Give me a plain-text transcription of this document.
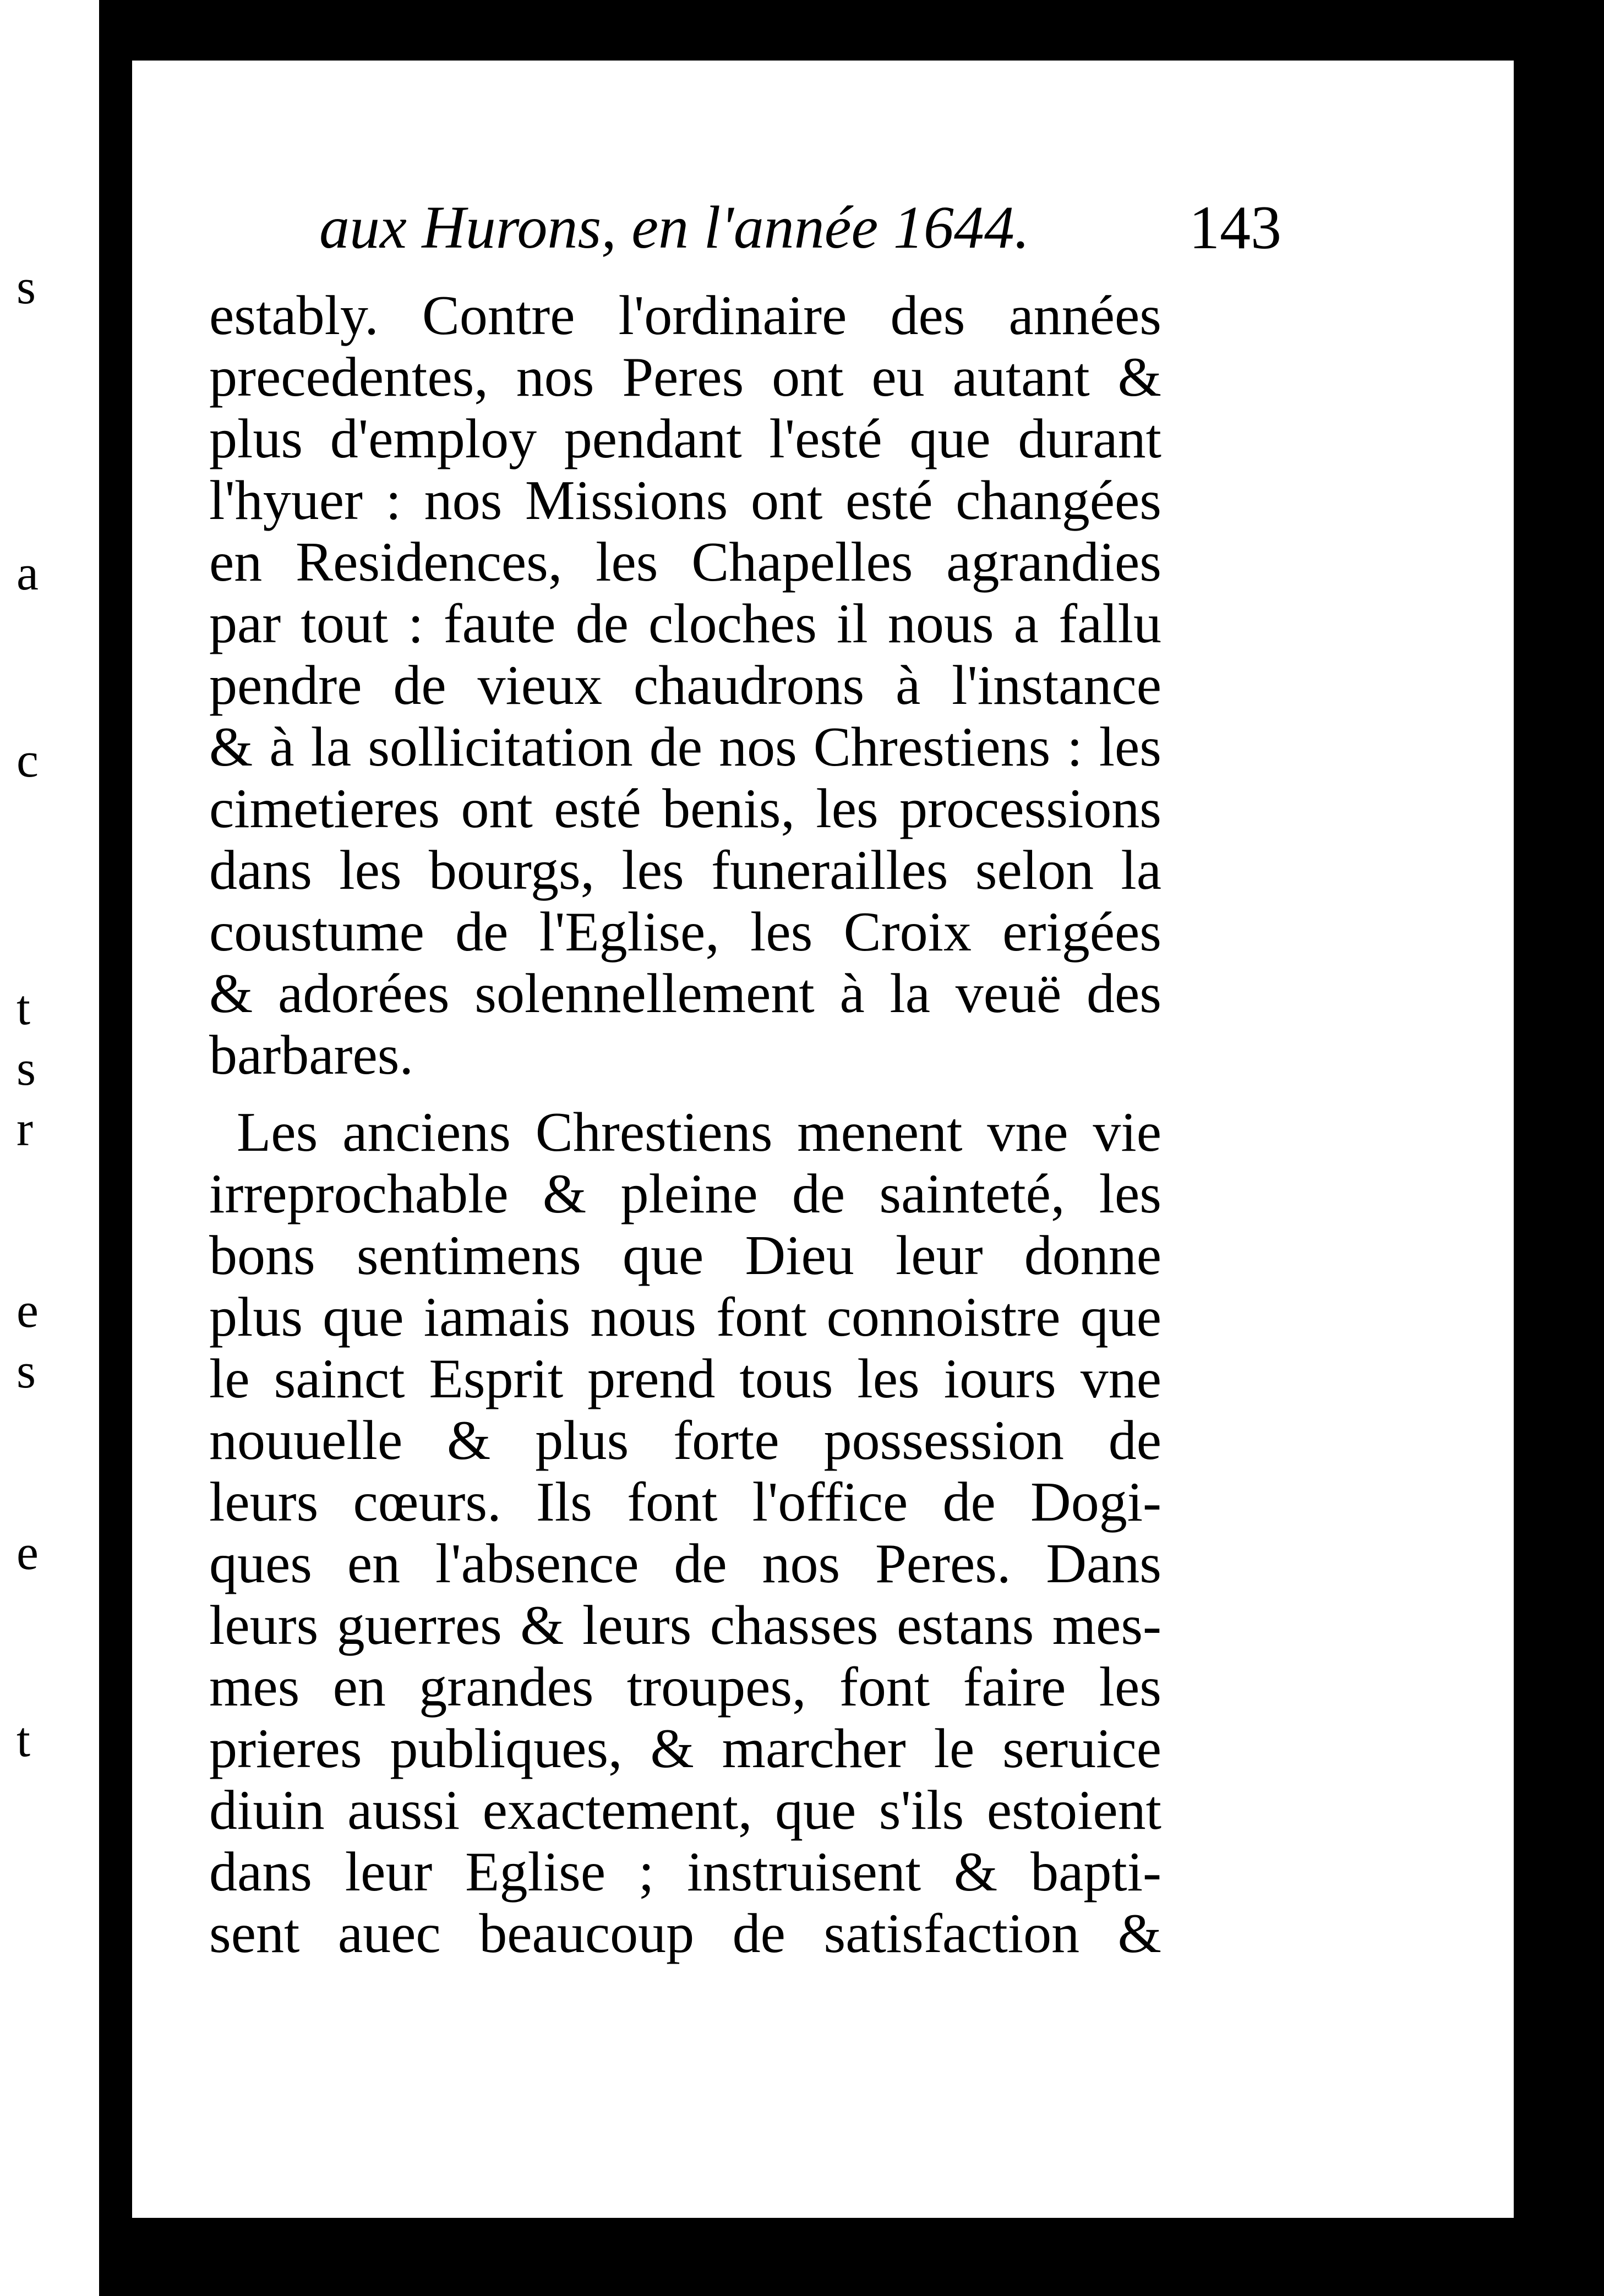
s
a
c
t
s
r
e
s
e
t
aux Hurons, en l'année 1644.	143
estably. Contre l'ordinaire des années
precedentes, nos Peres ont eu autant &
plus d'employ pendant l'esté que durant
l'hyuer : nos Missions ont esté changées
en Residences, les Chapelles agrandies
par tout : faute de cloches il nous a fallu
pendre de vieux chaudrons à l'instance
& à la sollicitation de nos Chrestiens : les
cimetieres ont esté benis, les processions
dans les bourgs, les funerailles selon la
coustume de l'Eglise, les Croix erigées
& adorées solennellement à la veuë des
barbares.
Les anciens Chrestiens menent vne vie
irreprochable & pleine de sainteté, les
bons sentimens que Dieu leur donne
plus que iamais nous font connoistre que
le sainct Esprit prend tous les iours vne
nouuelle & plus forte possession de
leurs cœurs. Ils font l'office de Dogi-
ques en l'absence de nos Peres. Dans
leurs guerres & leurs chasses estans mes-
mes en grandes troupes, font faire les
prieres publiques, & marcher le seruice
diuin aussi exactement, que s'ils estoient
dans leur Eglise ; instruisent & bapti-
sent auec beaucoup de satisfaction &
